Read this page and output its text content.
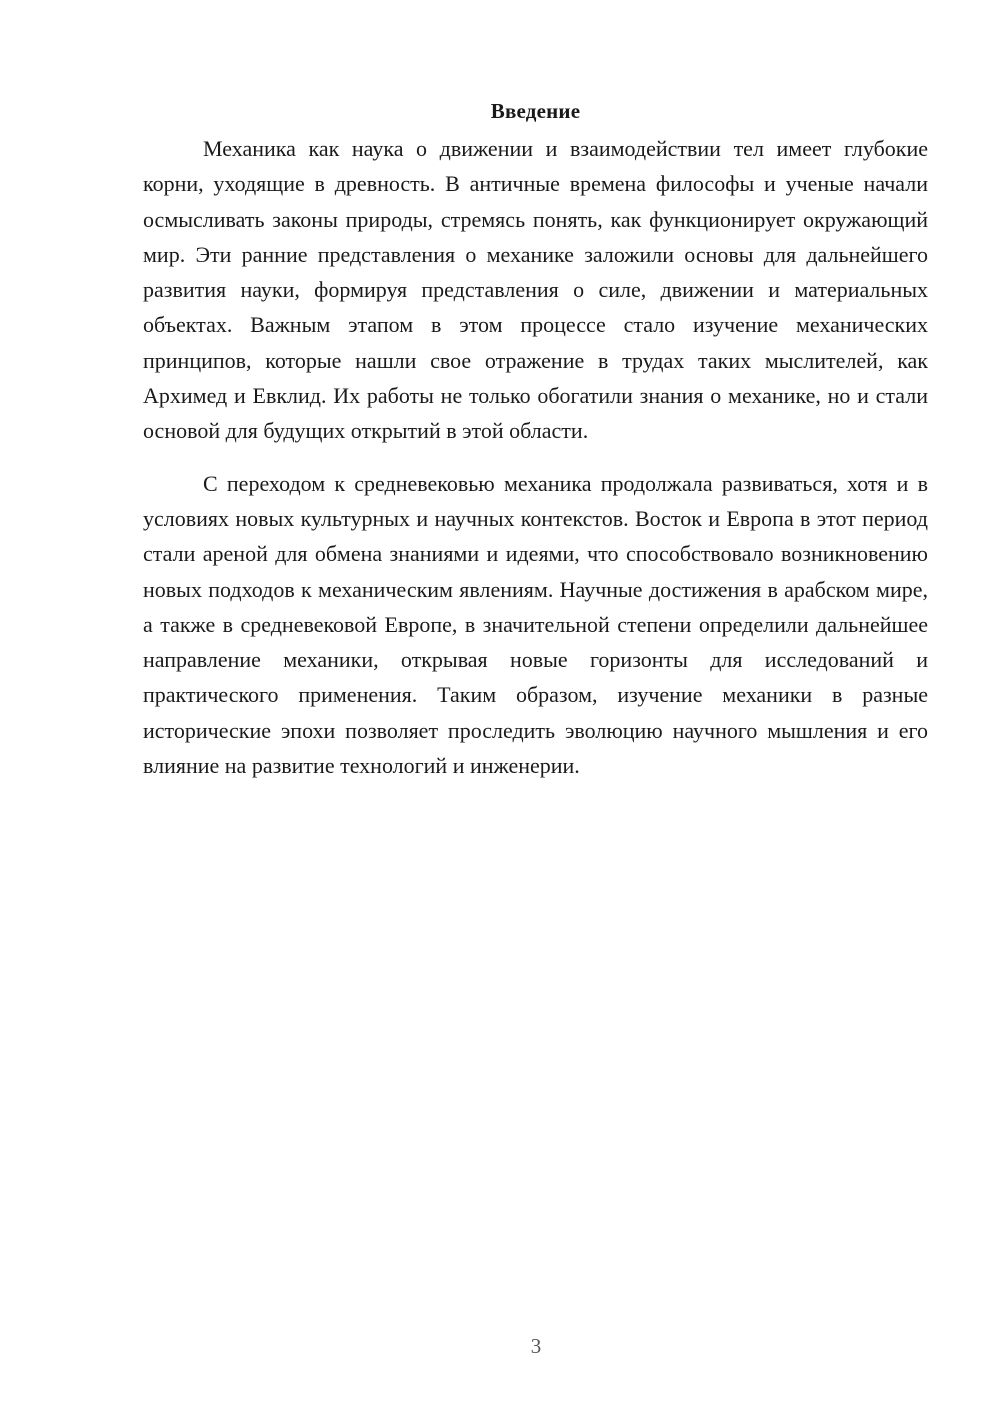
Введение

Механика как наука о движении и взаимодействии тел имеет глубокие корни, уходящие в древность. В античные времена философы и ученые начали осмысливать законы природы, стремясь понять, как функционирует окружающий мир. Эти ранние представления о механике заложили основы для дальнейшего развития науки, формируя представления о силе, движении и материальных объектах. Важным этапом в этом процессе стало изучение механических принципов, которые нашли свое отражение в трудах таких мыслителей, как Архимед и Евклид. Их работы не только обогатили знания о механике, но и стали основой для будущих открытий в этой области.

С переходом к средневековью механика продолжала развиваться, хотя и в условиях новых культурных и научных контекстов. Восток и Европа в этот период стали ареной для обмена знаниями и идеями, что способствовало возникновению новых подходов к механическим явлениям. Научные достижения в арабском мире, а также в средневековой Европе, в значительной степени определили дальнейшее направление механики, открывая новые горизонты для исследований и практического применения. Таким образом, изучение механики в разные исторические эпохи позволяет проследить эволюцию научного мышления и его влияние на развитие технологий и инженерии.

3
